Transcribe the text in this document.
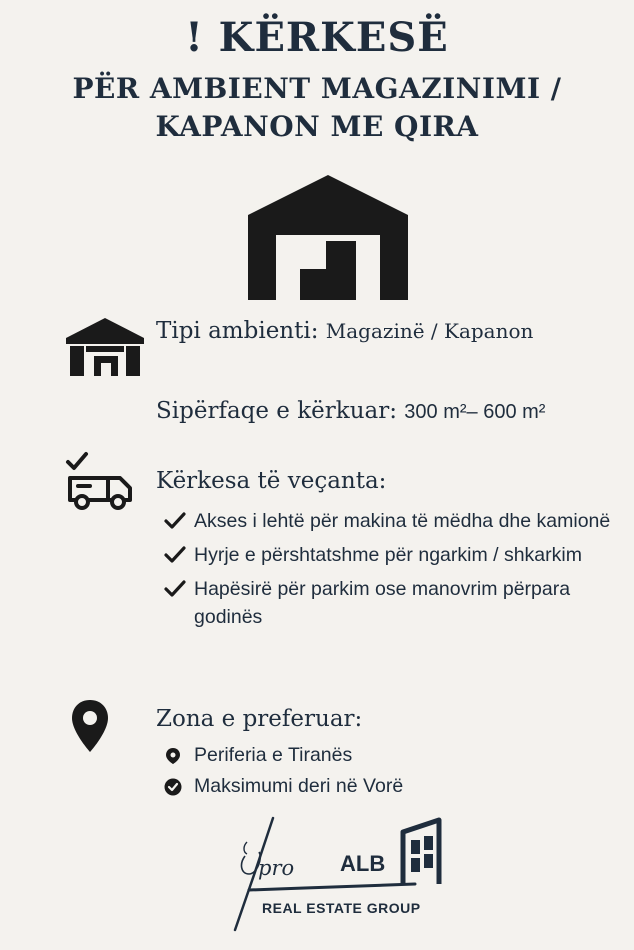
! KËRKESË
PËR AMBIENT MAGAZINIMI /
KAPANON ME QIRA
Tipi ambienti: Magazinë / Kapanon
Sipërfaqe e kërkuar: 300 m²– 600 m²
Kërkesa të veçanta:
Akses i lehtë për makina të mëdha dhe kamionë
Hyrje e përshtatshme për ngarkim / shkarkim
Hapësirë për parkim ose manovrim përpara godinës
Zona e preferuar:
Periferia e Tiranës
Maksimumi deri në Vorë
pro ALB
REAL ESTATE GROUP
